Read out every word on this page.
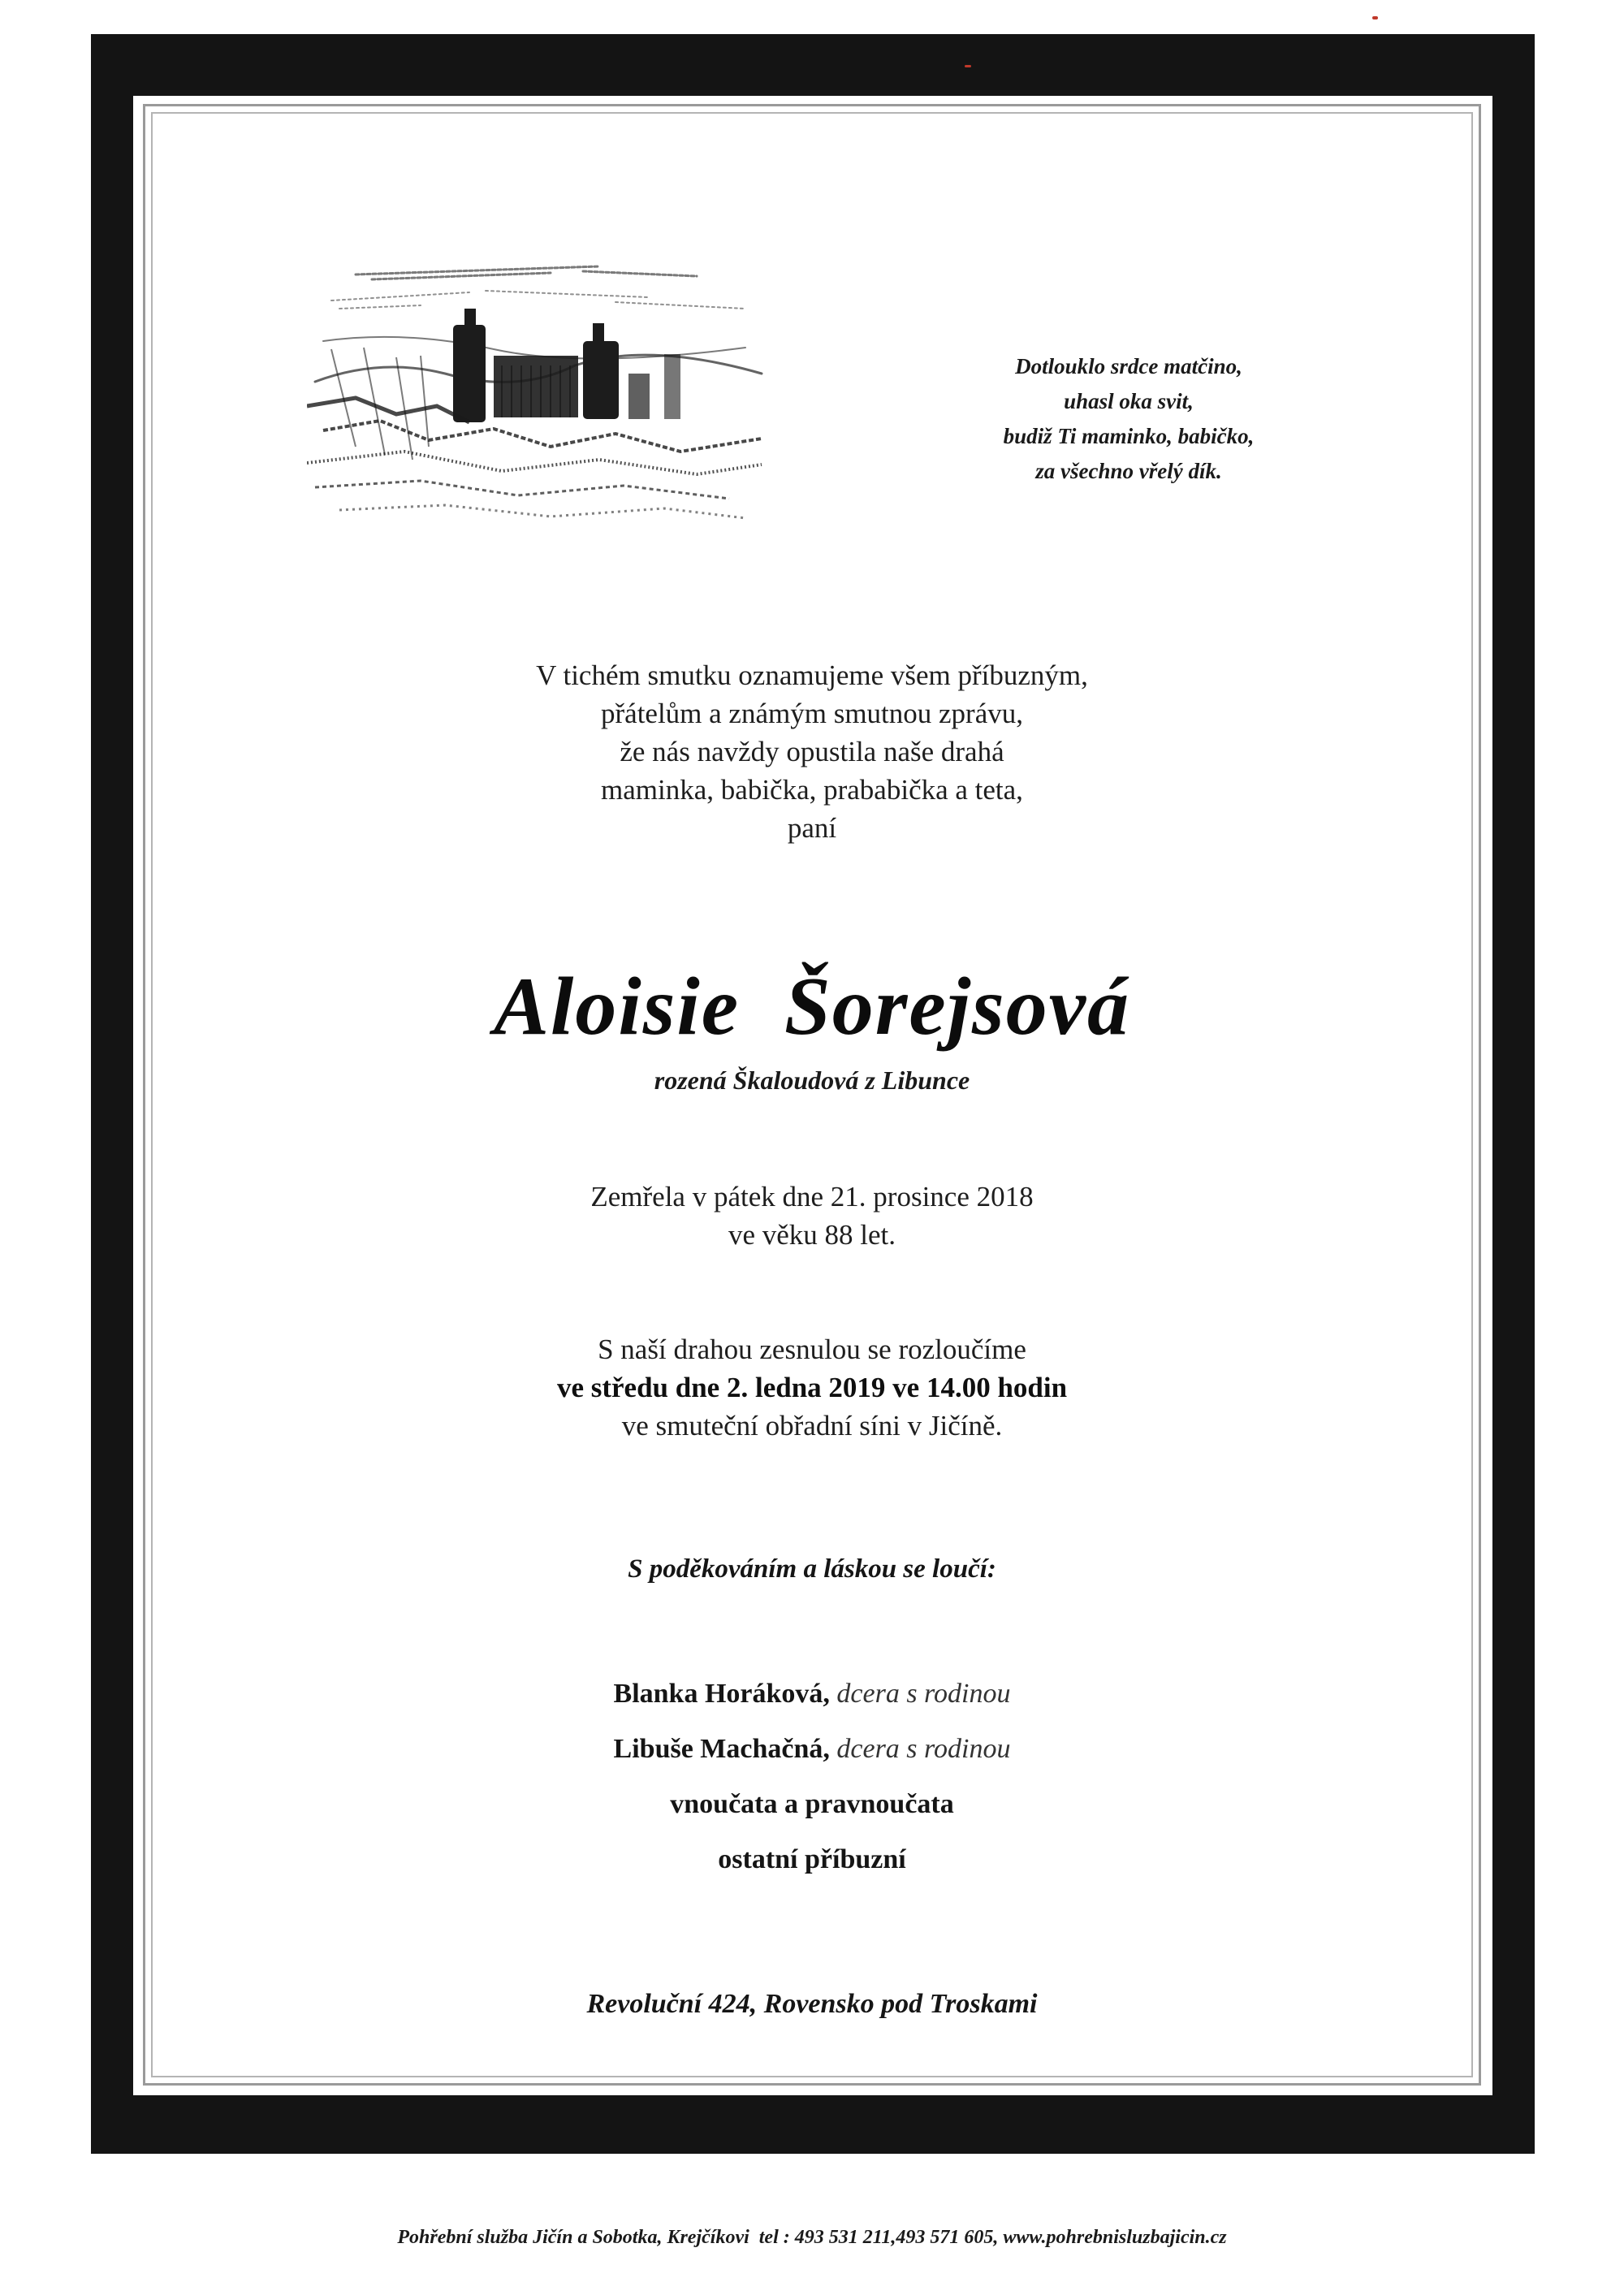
Dotlouklo srdce matčino,
uhasl oka svit,
budiž Ti maminko, babičko,
za všechno vřelý dík.
V tichém smutku oznamujeme všem příbuzným,
přátelům a známým smutnou zprávu,
že nás navždy opustila naše drahá
maminka, babička, prababička a teta,
paní
Aloisie  Šorejsová
rozená Škaloudová z Libunce
Zemřela v pátek dne 21. prosince 2018
ve věku 88 let.
S naší drahou zesnulou se rozloučíme
ve středu dne 2. ledna 2019 ve 14.00 hodin
ve smuteční obřadní síni v Jičíně.
S poděkováním a láskou se loučí:
Blanka Horáková, dcera s rodinou
Libuše Machačná, dcera s rodinou
vnoučata a pravnoučata
ostatní příbuzní
Revoluční 424, Rovensko pod Troskami
Pohřební služba Jičín a Sobotka, Krejčíkovi  tel : 493 531 211,493 571 605, www.pohrebnisluzbajicin.cz
